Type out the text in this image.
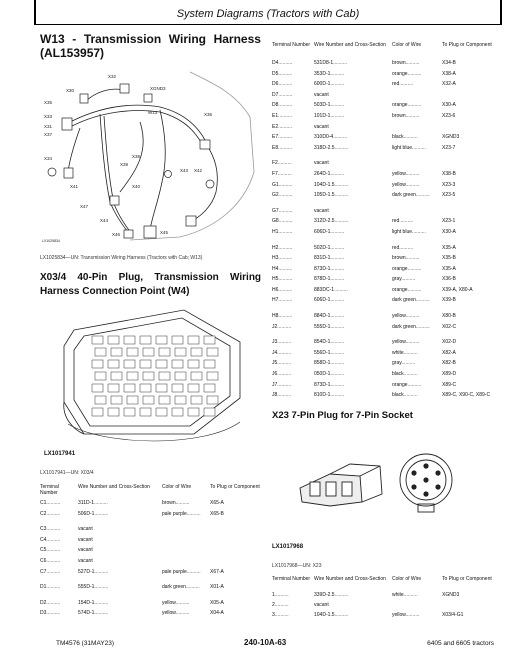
System Diagrams (Tractors with Cab)
W13 - Transmission Wiring Harness
(AL153957)
X32
X30	XGND3
X35
W13	X36
X33
X31
X37
X38
X34
X39
X43 X42
X41	X40
X47
X44
X45
X46
LX1025834
LX1025834—UN: Transmission Wiring Harness (Tractors with Cab; W13)
X03/4 40-Pin Plug, Transmission Wiring
Harness Connection Point (W4)
LX1017941
LX1017941—UN: X03/4
Terminal Number	Wire Number and Cross-Section	Color of Wire	To Plug or Component
C1..........	311D-1..........	brown..........	X65-A
C2..........	506D-1..........	pale purple..........	X65-B
C3..........	vacant		
C4..........	vacant		
C5..........	vacant		
C6..........	vacant		
C7..........	527D-1..........	pale purple..........	X67-A
D1..........	555D-1..........	dark green..........	X01-A
D2..........	154D-1..........	yellow..........	X05-A
D3..........	574D-1..........	yellow..........	X04-A
Terminal Number	Wire Number and Cross-Section	Color of Wire	To Plug or Component
D4..........	531D8-1..........	brown..........	X34-B
D5..........	353D-1..........	orange..........	X38-A
D6..........	600D-1..........	red..........	X32-A
D7..........	vacant		
D8..........	503D-1..........	orange..........	X30-A
E1..........	101D-1..........	brown..........	X23-6
E2..........	vacant		
E7..........	310D0-4..........	black..........	XGND3
E8..........	318D-2.5..........	light blue..........	X23-7
F2..........	vacant		
F7..........	264D-1..........	yellow..........	X38-B
G1..........	104D-1.5..........	yellow..........	X23-3
G2..........	105D-1.5..........	dark green..........	X23-5
G7..........	vacant		
G8..........	312D-2.5..........	red..........	X23-1
H1..........	606D-1..........	light blue..........	X30-A
H2..........	502D-1..........	red..........	X35-A
H3..........	831D-1..........	brown..........	X35-B
H4..........	873D-1..........	orange..........	X35-A
H5..........	878D-1..........	gray..........	X36-B
H6..........	883DC-1..........	orange..........	X39-A, X80-A
H7..........	606D-1..........	dark green..........	X39-B
H8..........	884D-1..........	yellow..........	X80-B
J2..........	555D-1..........	dark green..........	X02-C
J3..........	854D-1..........	yellow..........	X02-D
J4..........	556D-1..........	white..........	X82-A
J5..........	858D-1..........	gray..........	X82-B
J6..........	050D-1..........	black..........	X89-D
J7..........	873D-1..........	orange..........	X89-C
J8..........	810D-1..........	black..........	X89-C, X90-C, X89-C
X23 7-Pin Plug for 7-Pin Socket
LX1017968
LX1017968—UN: X23
Terminal Number	Wire Number and Cross-Section	Color of Wire	To Plug or Component
1..........	339D-2.5..........	white..........	XGND3
2..........	vacant		
3..........	104D-1.5..........	yellow..........	X03/4-G1
TM4576 (31MAY23)	240-10A-63	6405 and 6605 tractors
